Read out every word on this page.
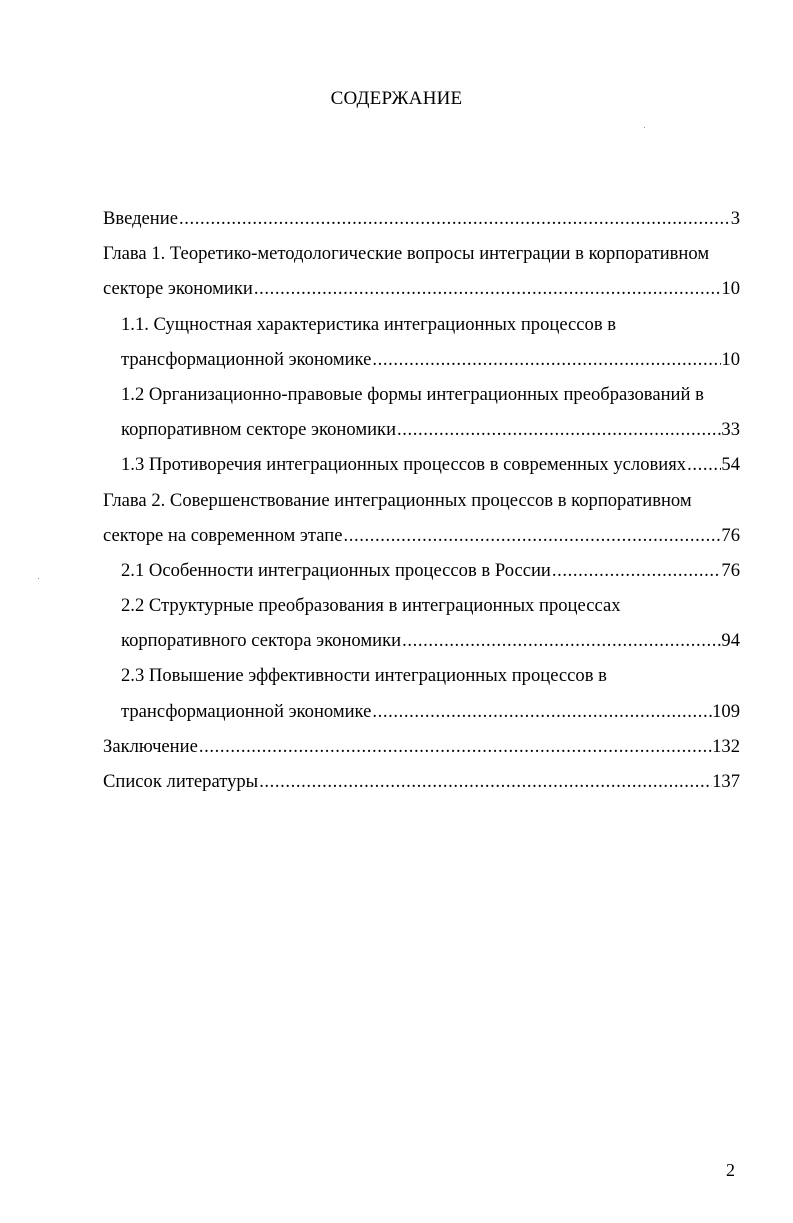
СОДЕРЖАНИЕ
Введение .....	3
Глава 1. Теоретико-методологические вопросы интеграции в корпоративном
секторе экономики .....	10
1.1. Сущностная характеристика интеграционных процессов в
трансформационной экономике .....	10
1.2 Организационно-правовые формы интеграционных преобразований в
корпоративном секторе экономики .....	33
1.3 Противоречия интеграционных процессов в современных условиях ..... 54
Глава 2. Совершенствование интеграционных процессов в корпоративном
секторе на современном этапе .....	76
2.1 Особенности интеграционных процессов в России .....	76
2.2 Структурные преобразования в интеграционных процессах
корпоративного сектора экономики .....	94
2.3 Повышение эффективности интеграционных процессов в
трансформационной экономике .....	109
Заключение .....	132
Список литературы .....	137
2
